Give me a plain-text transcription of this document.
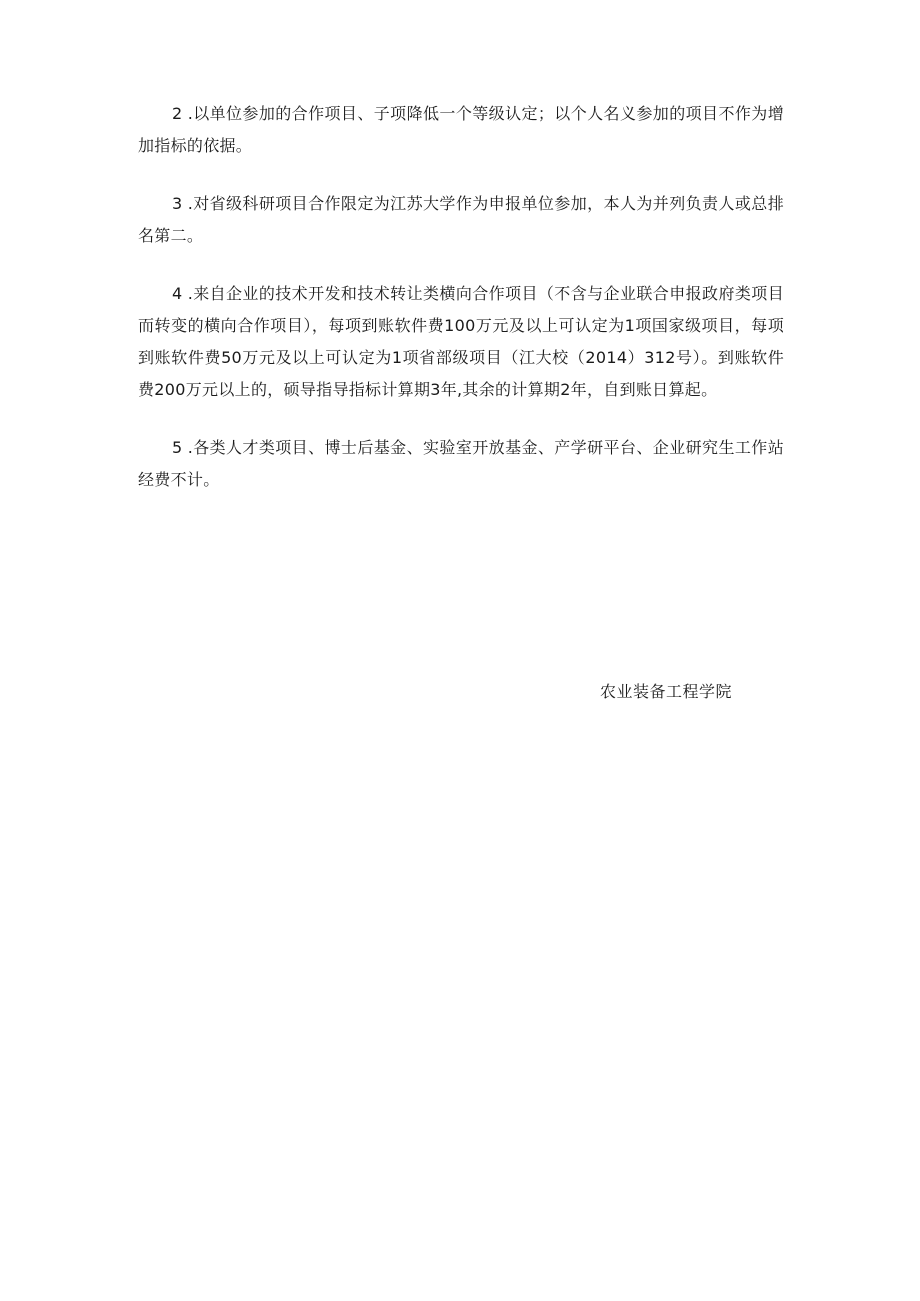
2 .以单位参加的合作项目、子项降低一个等级认定；以个人名义参加的项目不作为增加指标的依据。

3 .对省级科研项目合作限定为江苏大学作为申报单位参加，本人为并列负责人或总排名第二。

4 .来自企业的技术开发和技术转让类横向合作项目（不含与企业联合申报政府类项目而转变的横向合作项目），每项到账软件费100万元及以上可认定为1项国家级项目，每项到账软件费50万元及以上可认定为1项省部级项目（江大校（2014）312号）。到账软件费200万元以上的，硕导指导指标计算期3年,其余的计算期2年，自到账日算起。

5 .各类人才类项目、博士后基金、实验室开放基金、产学研平台、企业研究生工作站经费不计。

农业装备工程学院
